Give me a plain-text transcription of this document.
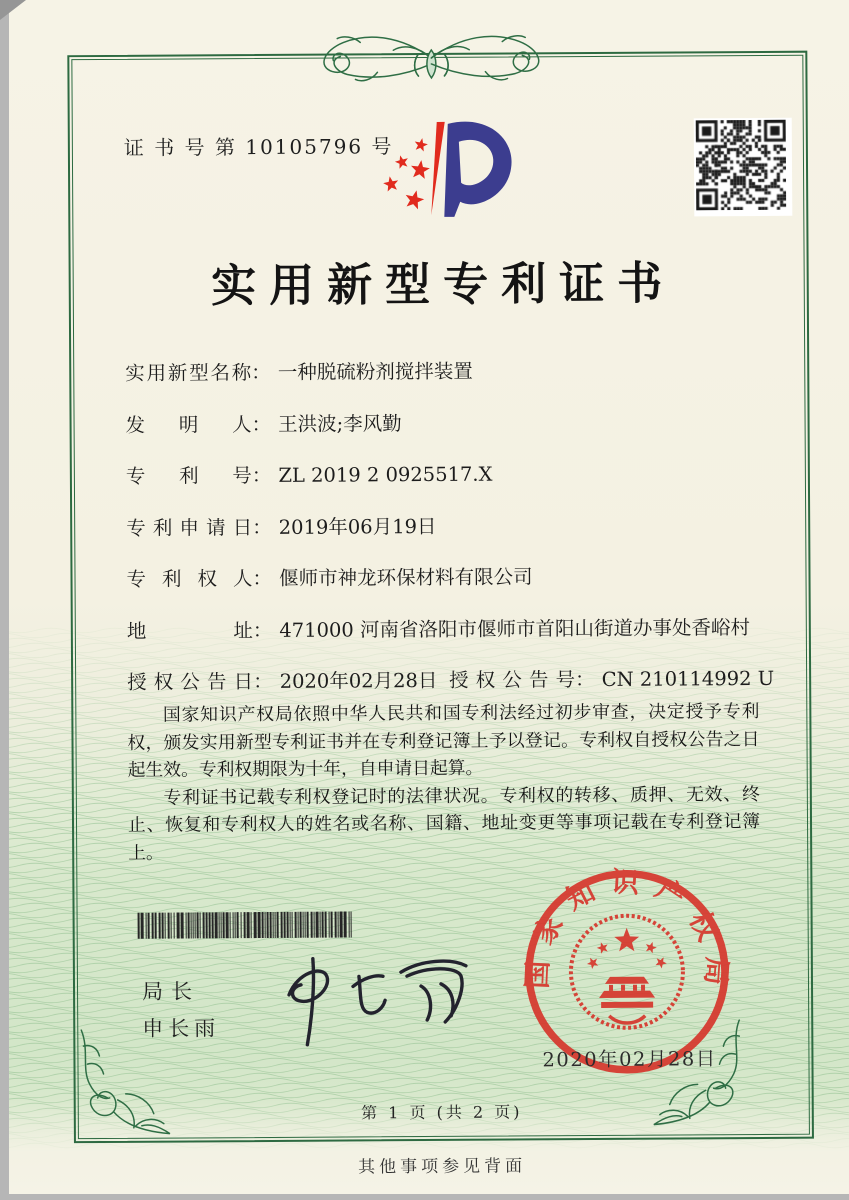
证 书 号 第 10105796 号
实用新型专利证书
实用新型名称： 一种脱硫粉剂搅拌装置
发明人： 王洪波;李风勤
专利号： ZL 2019 2 0925517.X
专利申请日： 2019年06月19日
专利权人： 偃师市神龙环保材料有限公司
地址： 471000 河南省洛阳市偃师市首阳山街道办事处香峪村
授权公告日： 2020年02月28日 授权公告号： CN 210114992 U

国家知识产权局依照中华人民共和国专利法经过初步审查，决定授予专利权，颁发实用新型专利证书并在专利登记簿上予以登记。专利权自授权公告之日起生效。专利权期限为十年，自申请日起算。

专利证书记载专利权登记时的法律状况。专利权的转移、质押、无效、终止、恢复和专利权人的姓名或名称、国籍、地址变更等事项记载在专利登记簿上。

局长
申长雨
国家知识产权局
2020年02月28日
第 1 页 (共 2 页)
其他事项参见背面
